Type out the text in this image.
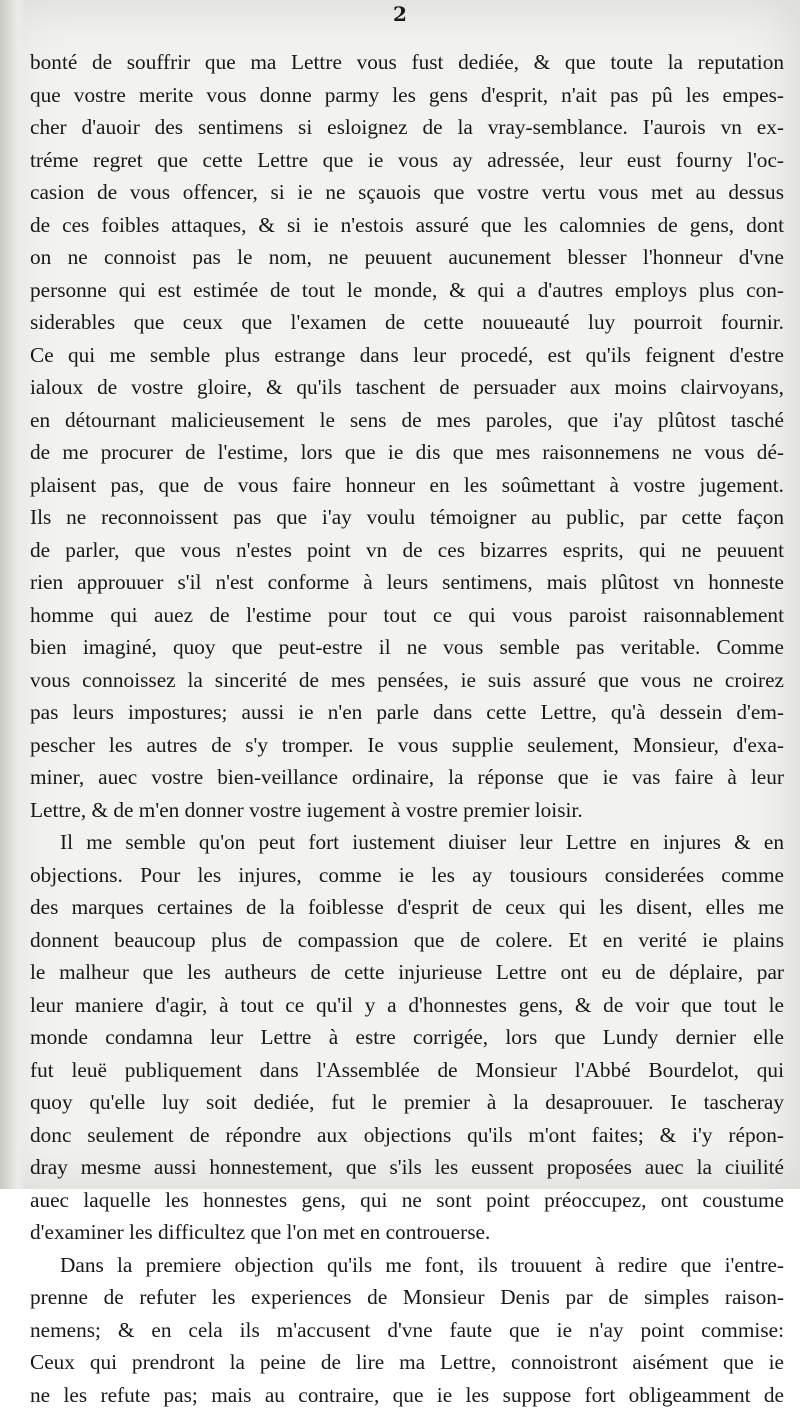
2
bonté de souffrir que ma Lettre vous fust dediée, & que toute la reputation
que vostre merite vous donne parmy les gens d'esprit, n'ait pas pû les empes-
cher d'auoir des sentimens si esloignez de la vray-semblance. I'aurois vn ex-
tréme regret que cette Lettre que ie vous ay adressée, leur eust fourny l'oc-
casion de vous offencer, si ie ne sçauois que vostre vertu vous met au dessus
de ces foibles attaques, & si ie n'estois assuré que les calomnies de gens, dont
on ne connoist pas le nom, ne peuuent aucunement blesser l'honneur d'vne
personne qui est estimée de tout le monde, & qui a d'autres employs plus con-
siderables que ceux que l'examen de cette nouueauté luy pourroit fournir.
Ce qui me semble plus estrange dans leur procedé, est qu'ils feignent d'estre
ialoux de vostre gloire, & qu'ils taschent de persuader aux moins clairvoyans,
en détournant malicieusement le sens de mes paroles, que i'ay plûtost tasché
de me procurer de l'estime, lors que ie dis que mes raisonnemens ne vous dé-
plaisent pas, que de vous faire honneur en les soûmettant à vostre jugement.
Ils ne reconnoissent pas que i'ay voulu témoigner au public, par cette façon
de parler, que vous n'estes point vn de ces bizarres esprits, qui ne peuuent
rien approuuer s'il n'est conforme à leurs sentimens, mais plûtost vn honneste
homme qui auez de l'estime pour tout ce qui vous paroist raisonnablement
bien imaginé, quoy que peut-estre il ne vous semble pas veritable. Comme
vous connoissez la sincerité de mes pensées, ie suis assuré que vous ne croirez
pas leurs impostures; aussi ie n'en parle dans cette Lettre, qu'à dessein d'em-
pescher les autres de s'y tromper. Ie vous supplie seulement, Monsieur, d'exa-
miner, auec vostre bien-veillance ordinaire, la réponse que ie vas faire à leur
Lettre, & de m'en donner vostre iugement à vostre premier loisir.
Il me semble qu'on peut fort iustement diuiser leur Lettre en injures & en
objections. Pour les injures, comme ie les ay tousiours considerées comme
des marques certaines de la foiblesse d'esprit de ceux qui les disent, elles me
donnent beaucoup plus de compassion que de colere. Et en verité ie plains
le malheur que les autheurs de cette injurieuse Lettre ont eu de déplaire, par
leur maniere d'agir, à tout ce qu'il y a d'honnestes gens, & de voir que tout le
monde condamna leur Lettre à estre corrigée, lors que Lundy dernier elle
fut leuë publiquement dans l'Assemblée de Monsieur l'Abbé Bourdelot, qui
quoy qu'elle luy soit dediée, fut le premier à la desaprouuer. Ie tascheray
donc seulement de répondre aux objections qu'ils m'ont faites; & i'y répon-
dray mesme aussi honnestement, que s'ils les eussent proposées auec la ciuilité
auec laquelle les honnestes gens, qui ne sont point préoccupez, ont coustume
d'examiner les difficultez que l'on met en controuerse.
Dans la premiere objection qu'ils me font, ils trouuent à redire que i'entre-
prenne de refuter les experiences de Monsieur Denis par de simples raison-
nemens; & en cela ils m'accusent d'vne faute que ie n'ay point commise:
Ceux qui prendront la peine de lire ma Lettre, connoistront aisément que ie
ne les refute pas; mais au contraire, que ie les suppose fort obligeamment de
